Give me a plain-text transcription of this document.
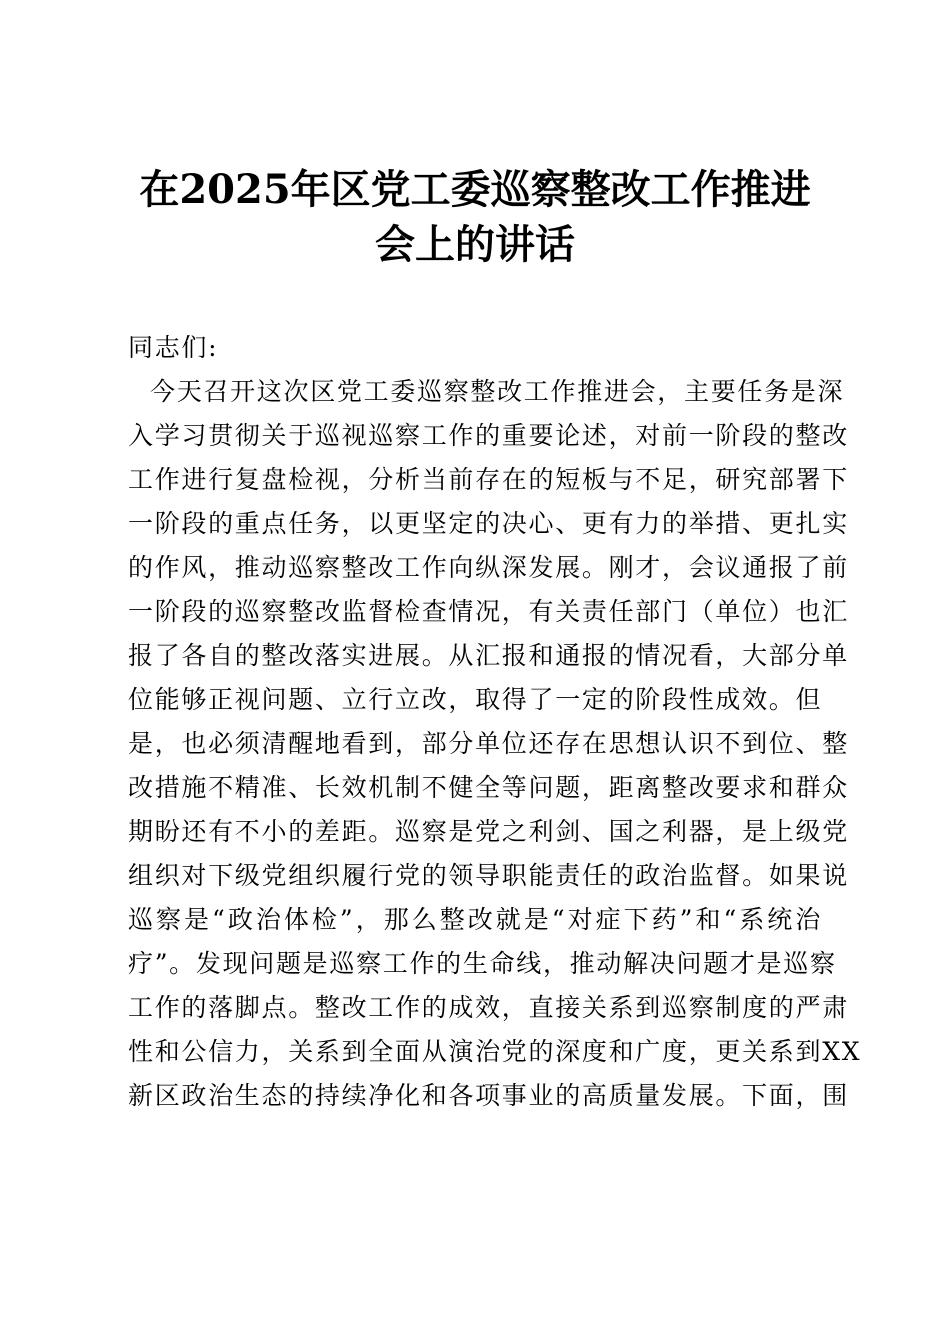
在2025年区党工委巡察整改工作推进
会上的讲话
同志们:
今天召开这次区党工委巡察整改工作推进会，主要任务是深
入学习贯彻关于巡视巡察工作的重要论述，对前一阶段的整改
工作进行复盘检视，分析当前存在的短板与不足，研究部署下
一阶段的重点任务，以更坚定的决心、更有力的举措、更扎实
的作风，推动巡察整改工作向纵深发展。刚才，会议通报了前
一阶段的巡察整改监督检查情况，有关责任部门（单位）也汇
报了各自的整改落实进展。从汇报和通报的情况看，大部分单
位能够正视问题、立行立改，取得了一定的阶段性成效。但
是，也必须清醒地看到，部分单位还存在思想认识不到位、整
改措施不精准、长效机制不健全等问题，距离整改要求和群众
期盼还有不小的差距。巡察是党之利剑、国之利器，是上级党
组织对下级党组织履行党的领导职能责任的政治监督。如果说
巡察是“政治体检”，那么整改就是“对症下药”和“系统治
疗”。发现问题是巡察工作的生命线，推动解决问题才是巡察
工作的落脚点。整改工作的成效，直接关系到巡察制度的严肃
性和公信力，关系到全面从演治党的深度和广度，更关系到XX
新区政治生态的持续净化和各项事业的高质量发展。下面，围
